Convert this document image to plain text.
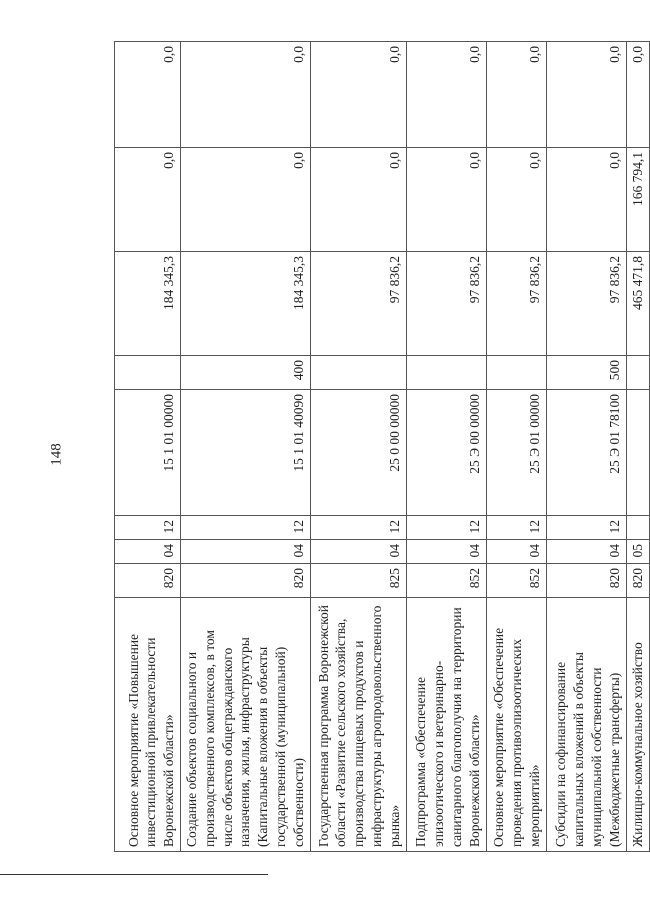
148
Основное мероприятие «Повышение инвестиционной привлекательности Воронежской области»	820	04	12	15 1 01 00000		184 345,3	0,0	0,0
Создание объектов социального и производственного комплексов, в том числе объектов общегражданского назначения, жилья, инфраструктуры (Капитальные вложения в объекты государственной (муниципальной) собственности)	820	04	12	15 1 01 40090	400	184 345,3	0,0	0,0
Государственная программа Воронежской области «Развитие сельского хозяйства, производства пищевых продуктов и инфраструктуры агропродовольственного рынка»	825	04	12	25 0 00 00000		97 836,2	0,0	0,0
Подпрограмма «Обеспечение эпизоотического и ветеринарно-санитарного благополучия на территории Воронежской области»	852	04	12	25 Э 00 00000		97 836,2	0,0	0,0
Основное мероприятие «Обеспечение проведения противоэпизоотических мероприятий»	852	04	12	25 Э 01 00000		97 836,2	0,0	0,0
Субсидии на софинансирование капитальных вложений в объекты муниципальной собственности (Межбюджетные трансферты)	820	04	12	25 Э 01 78100	500	97 836,2	0,0	0,0
Жилищно-коммунальное хозяйство	820	05				465 471,8	166 794,1	0,0
